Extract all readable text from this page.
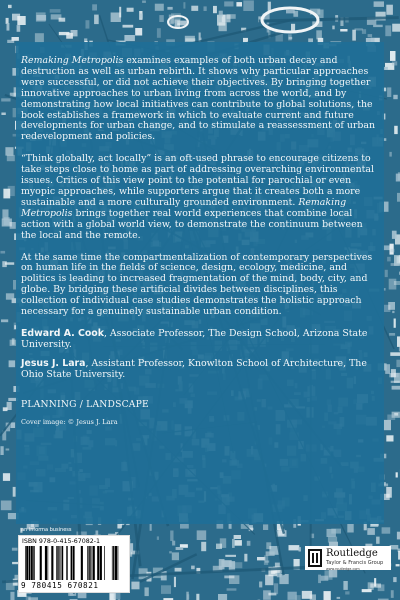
Remaking Metropolis examines examples of both urban decay and destruction as well as urban rebirth. It shows why particular approaches were successful, or did not achieve their objectives. By bringing together innovative approaches to urban living from across the world, and by demonstrating how local initiatives can contribute to global solutions, the book establishes a framework in which to evaluate current and future developments for urban change, and to stimulate a reassessment of urban redevelopment and policies.

“Think globally, act locally” is an oft-used phrase to encourage citizens to take steps close to home as part of addressing overarching environmental issues. Critics of this view point to the potential for parochial or even myopic approaches, while supporters argue that it creates both a more sustainable and a more culturally grounded environment. Remaking Metropolis brings together real world experiences that combine local action with a global world view, to demonstrate the continuum between the local and the remote.

At the same time the compartmentalization of contemporary perspectives on human life in the fields of science, design, ecology, medicine, and politics is leading to increased fragmentation of the mind, body, city, and globe. By bridging these artificial divides between disciplines, this collection of individual case studies demonstrates the holistic approach necessary for a genuinely sustainable urban condition.

Edward A. Cook, Associate Professor, The Design School, Arizona State University.
Jesus J. Lara, Assistant Professor, Knowlton School of Architecture, The Ohio State University.
PLANNING / LANDSCAPE
Cover image: © Jesus J. Lara
an informa business
ISBN 978-0-415-67082-1
9 780415 670821
Routledge
Taylor & Francis Group
www.routledge.com
